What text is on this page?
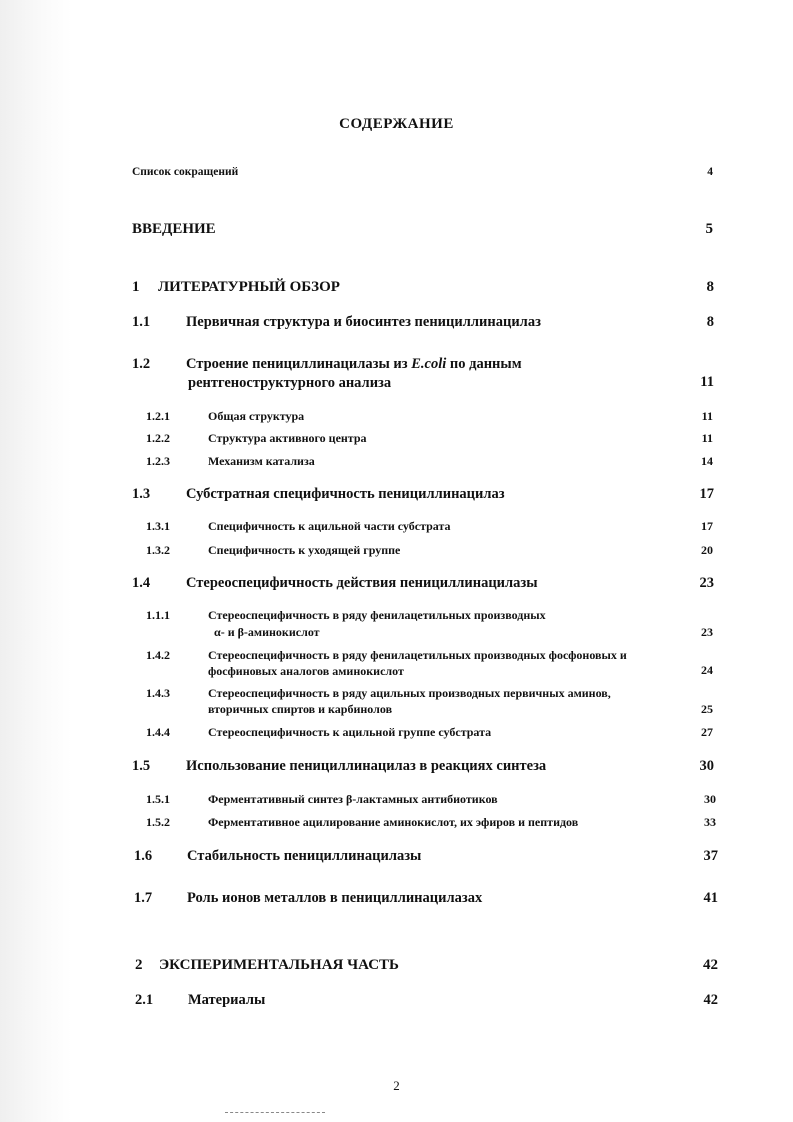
СОДЕРЖАНИЕ
Список сокращений	4
ВВЕДЕНИЕ	5
1 ЛИТЕРАТУРНЫЙ ОБЗОР	8
1.1 Первичная структура и биосинтез пенициллинацилаз	8
1.2 Строение пенициллинацилазы из E.coli по данным
рентгеноструктурного анализа	11
1.2.1	Общая структура	11
1.2.2	Структура активного центра	11
1.2.3	Механизм катализа	14
1.3 Субстратная специфичность пенициллинацилаз	17
1.3.1	Специфичность к ацильной части субстрата	17
1.3.2	Специфичность к уходящей группе	20
1.4 Стереоспецифичность действия пенициллинацилазы	23
1.1.1	Стереоспецифичность в ряду фенилацетильных производных
α- и β-аминокислот	23
1.4.2	Стереоспецифичность в ряду фенилацетильных производных фосфоновых и
фосфиновых аналогов аминокислот	24
1.4.3	Стереоспецифичность в ряду ацильных производных первичных аминов,
вторичных спиртов и карбинолов	25
1.4.4	Стереоспецифичность к ацильной группе субстрата	27
1.5 Использование пенициллинацилаз в реакциях синтеза	30
1.5.1	Ферментативный синтез β-лактамных антибиотиков	30
1.5.2	Ферментативное ацилирование аминокислот, их эфиров и пептидов	33
1.6 Стабильность пенициллинацилазы	37
1.7 Роль ионов металлов в пенициллинацилазах	41
2 ЭКСПЕРИМЕНТАЛЬНАЯ ЧАСТЬ	42
2.1 Материалы	42
2
